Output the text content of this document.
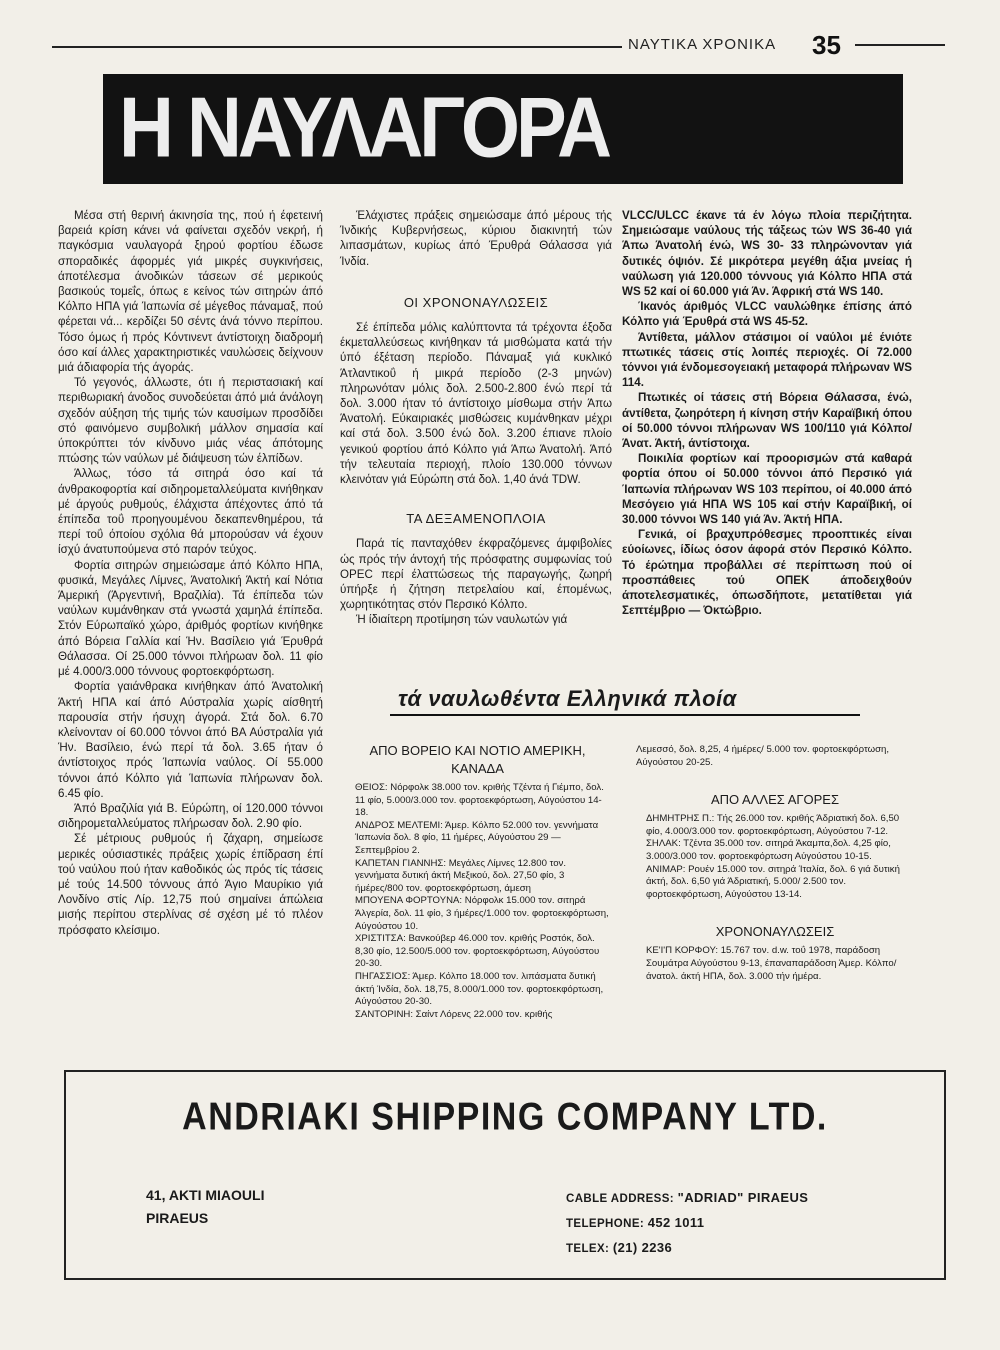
ΝΑΥΤΙΚΑ ΧΡΟΝΙΚΑ 35
Η ΝΑΥΛΑΓΟΡΑ

Μέσα στή θερινή άκινησία της, πού ή έφετεινή βαρειά κρίση κάνει νά φαίνεται σχεδόν νεκρή, ή παγκόσμια ναυλαγορά ξηρού φορτίου έδωσε σποραδικές άφορμές γιά μικρές συγκινήσεις, άποτέλεσμα άνοδικών τάσεων σέ μερικούς βασικούς τομεΐς, όπως ε κείνος τών σιτηρών άπό Κόλπο ΗΠΑ γιά Ίαπωνία σέ μέγεθος πάναμαξ, πού φέρεται νά... κερδίζει 50 σέντς άνά τόννο περίπου. Τόσο όμως ή πρός Κόντινεντ άντίστοιχη διαδρομή όσο καί άλλες χαρακτηριστικές ναυλώσεις δείχνουν μιά άδιαφορία τής άγοράς.

Τό γεγονός, άλλωστε, ότι ή περιστασιακή καί περιθωριακή άνοδος συνοδεύεται άπό μιά άνάλογη σχεδόν αύξηση τής τιμής τών καυσίμων προσδίδει στό φαινόμενο συμβολική μάλλον σημασία καί ύποκρύπτει τόν κίνδυνο μιάς νέας άπότομης πτώσης τών ναύλων μέ διάψευση τών έλπίδων.

Άλλως, τόσο τά σιτηρά όσο καί τά άνθρακοφορτία καί σιδηρομεταλλεύματα κινήθηκαν μέ άργούς ρυθμούς, έλάχιστα άπέχοντες άπό τά έπίπεδα τοΰ προηγουμένου δεκαπενθημέρου, τά περί τοΰ όποίου σχόλια θά μπορούσαν νά έχουν ίσχύ άνατυπούμενα στό παρόν τεύχος.

Φορτία σιτηρών σημειώσαμε άπό Κόλπο ΗΠΑ, φυσικά, Μεγάλες Λίμνες, Άνατολική Άκτή καί Νότια Άμερική (Άργεντινή, Βραζιλία). Τά έπίπεδα τών ναύλων κυμάνθηκαν στά γνωστά χαμηλά έπίπεδα. Στόν Εύρωπαϊκό χώρο, άριθμός φορτίων κινήθηκε άπό Βόρεια Γαλλία καί Ήν. Βασίλειο γιά Έρυθρά Θάλασσα. Οί 25.000 τόννοι πλήρωαν δολ. 11 φίο μέ 4.000/3.000 τόννους φορτοεκφόρτωση.

Φορτία γαιάνθρακα κινήθηκαν άπό Άνατολική Άκτή ΗΠΑ καί άπό Αύστραλία χωρίς αίσθητή παρουσία στήν ήσυχη άγορά. Στά δολ. 6.70 κλείνονταν οί 60.000 τόννοι άπό ΒΑ Αύστραλία γιά Ήν. Βασίλειο, ένώ περί τά δολ. 3.65 ήταν ό άντίστοιχος πρός Ίαπωνία ναύλος. Οί 55.000 τόννοι άπό Κόλπο γιά Ίαπωνία πλήρωναν δολ. 6.45 φίο.

Άπό Βραζιλία γιά Β. Εύρώπη, οί 120.000 τόννοι σιδηρομεταλλεύματος πλήρωσαν δολ. 2.90 φίο.

Σέ μέτριους ρυθμούς ή ζάχαρη, σημείωσε μερικές ούσιαστικές πράξεις χωρίς έπίδραση έπί τού ναύλου πού ήταν καθοδικός ώς πρός τίς τάσεις μέ τούς 14.500 τόννους άπό Άγιο Μαυρίκιο γιά Λονδίνο στίς Λίρ. 12,75 πού σημαίνει άπώλεια μισής περίπου στερλίνας σέ σχέση μέ τό πλέον πρόσφατο κλείσιμο.

Έλάχιστες πράξεις σημειώσαμε άπό μέρους τής Ίνδικής Κυβερνήσεως, κύριου διακινητή τών λιπασμάτων, κυρίως άπό Έρυθρά Θάλασσα γιά Ίνδία.

ΟΙ ΧΡΟΝΟΝΑΥΛΩΣΕΙΣ

Σέ έπίπεδα μόλις καλύπτοντα τά τρέχοντα έξοδα έκμεταλλεύσεως κινήθηκαν τά μισθώματα κατά τήν ύπό έξέταση περίοδο. Πάναμαξ γιά κυκλικό Άτλαντικοΰ ή μικρά περίοδο (2-3 μηνών) πληρωνόταν μόλις δολ. 2.500-2.800 ένώ περί τά δολ. 3.000 ήταν τό άντίστοιχο μίσθωμα στήν Άπω Άνατολή. Εύκαιριακές μισθώσεις κυμάνθηκαν μέχρι καί στά δολ. 3.500 ένώ δολ. 3.200 έπιανε πλοίο γενικού φορτίου άπό Κόλπο γιά Άπω Άνατολή. Άπό τήν τελευταία περιοχή, πλοίο 130.000 τόννων κλεινόταν γιά Εύρώπη στά δολ. 1,40 άνά TDW.

ΤΑ ΔΕΞΑΜΕΝΟΠΛΟΙΑ

Παρά τίς πανταχόθεν έκφραζόμενες άμφιβολίες ώς πρός τήν άντοχή τής πρόσφατης συμφωνίας τού OPEC περί έλαττώσεως τής παραγωγής, ζωηρή ύπήρξε ή ζήτηση πετρελαίου καί, έπομένως, χωρητικότητας στόν Περσικό Κόλπο.

Ή ίδιαίτερη προτίμηση τών ναυλωτών γιά

VLCC/ULCC έκανε τά έν λόγω πλοία περιζήτητα. Σημειώσαμε ναύλους τής τάξεως τών WS 36-40 γιά Άπω Άνατολή ένώ, WS 30- 33 πληρώνονταν γιά δυτικές όψιόν. Σέ μικρότερα μεγέθη άξια μνείας ή ναύλωση γιά 120.000 τόννους γιά Κόλπο ΗΠΑ στά WS 52 καί οί 60.000 γιά Άν. Άφρική στά WS 140.

Ίκανός άριθμός VLCC ναυλώθηκε έπίσης άπό Κόλπο γιά Έρυθρά στά WS 45-52.

Άντίθετα, μάλλον στάσιμοι οί ναύλοι μέ ένιότε πτωτικές τάσεις στίς λοιπές περιοχές. Οί 72.000 τόννοι γιά ένδομεσογειακή μεταφορά πλήρωναν WS 114.

Πτωτικές οί τάσεις στή Βόρεια Θάλασσα, ένώ, άντίθετα, ζωηρότερη ή κίνηση στήν Καραϊβική όπου οί 50.000 τόννοι πλήρωναν WS 100/110 γιά Κόλπο/Άνατ. Άκτή, άντίστοιχα.

Ποικιλία φορτίων καί προορισμών στά καθαρά φορτία όπου οί 50.000 τόννοι άπό Περσικό γιά Ίαπωνία πλήρωναν WS 103 περίπου, οί 40.000 άπό Μεσόγειο γιά ΗΠΑ WS 105 καί στήν Καραϊβική, οί 30.000 τόννοι WS 140 γιά Άν. Άκτή ΗΠΑ.

Γενικά, οί βραχυπρόθεσμες προοπτικές είναι εύοίωνες, ίδίως όσον άφορά στόν Περσικό Κόλπο. Τό έρώτημα προβάλλει σέ περίπτωση πού οί προσπάθειες τού ΟΠΕΚ άποδειχθούν άποτελεσματικές, όπωσδήποτε, μετατίθεται γιά Σεπτέμβριο — Όκτώβριο.

τά ναυλωθέντα Ελληνικά πλοία
ΑΠΟ ΒΟΡΕΙΟ ΚΑΙ ΝΟΤΙΟ ΑΜΕΡΙΚΗ, ΚΑΝΑΔΑ

ΘΕΙΟΣ: Νόρφολκ 38.000 τον. κριθής Τζέντα ή Γιέμπο, δολ. 11 φίο, 5.000/3.000 τον. φορτοεκφόρτωση, Αύγούστου 14-18.

ΑΝΔΡΟΣ ΜΕΛΤΕΜΙ: Άμερ. Κόλπο 52.000 τον. γεννήματα Ίαπωνία δολ. 8 φίο, 11 ήμέρες, Αύγούστου 29 — Σεπτεμβρίου 2.

ΚΑΠΕΤΑΝ ΓΙΑΝΝΗΣ: Μεγάλες Λίμνες 12.800 τον. γεννήματα δυτική άκτή Μεξικού, δολ. 27,50 φίο, 3 ήμέρες/800 τον. φορτοεκφόρτωση, άμεση

ΜΠΟΥΕΝΑ ΦΟΡΤΟΥΝΑ: Νόρφολκ 15.000 τον. σιτηρά Άλγερία, δολ. 11 φίο, 3 ήμέρες/1.000 τον. φορτοεκφόρτωση, Αύγούστου 10.

ΧΡΙΣΤΙΤΣΑ: Βανκούβερ 46.000 τον. κριθής Ροστόκ, δολ. 8,30 φίο, 12.500/5.000 τον. φορτοεκφόρτωση, Αύγούστου 20-30.

ΠΗΓΑΣΣΙΟΣ: Άμερ. Κόλπο 18.000 τον. λιπάσματα δυτική άκτή Ίνδία, δολ. 18,75, 8.000/1.000 τον. φορτοεκφόρτωση, Αύγούστου 20-30.

ΣΑΝΤΟΡΙΝΗ: Σαίντ Λόρενς 22.000 τον. κριθής

Λεμεσσό, δολ. 8,25, 4 ήμέρες/ 5.000 τον. φορτοεκφόρτωση, Αύγούστου 20-25.

ΑΠΟ ΑΛΛΕΣ ΑΓΟΡΕΣ

ΔΗΜΗΤΡΗΣ Π.: Τής 26.000 τον. κριθής Άδριατική δολ. 6,50 φίο, 4.000/3.000 τον. φορτοεκφόρτωση, Αύγούστου 7-12.

ΣΗΛΑΚ: Τζέντα 35.000 τον. σιτηρά Άκαμπα,δολ. 4,25 φίο, 3.000/3.000 τον. φορτοεκφόρτωση Αύγούστου 10-15.

ΑΝΙΜΑΡ: Ρουέν 15.000 τον. σιτηρά Ίταλία, δολ. 6 γιά δυτική άκτή, δολ. 6,50 γιά Άδριατική, 5.000/ 2.500 τον. φορτοεκφόρτωση, Αύγούστου 13-14.

ΧΡΟΝΟΝΑΥΛΩΣΕΙΣ

ΚΕ'Ι'Π ΚΟΡΦΟΥ: 15.767 τον. d.w. τοΰ 1978, παράδοση Σουμάτρα Αύγούστου 9-13, έπαναπαράδοση Άμερ. Κόλπο/άνατολ. άκτή ΗΠΑ, δολ. 3.000 τήν ήμέρα.

ANDRIAKI SHIPPING COMPANY LTD.
41, AKTI MIAOULI
PIRAEUS
CABLE ADDRESS: "ADRIAD" PIRAEUS
TELEPHONE: 452 1011
TELEX: (21) 2236
